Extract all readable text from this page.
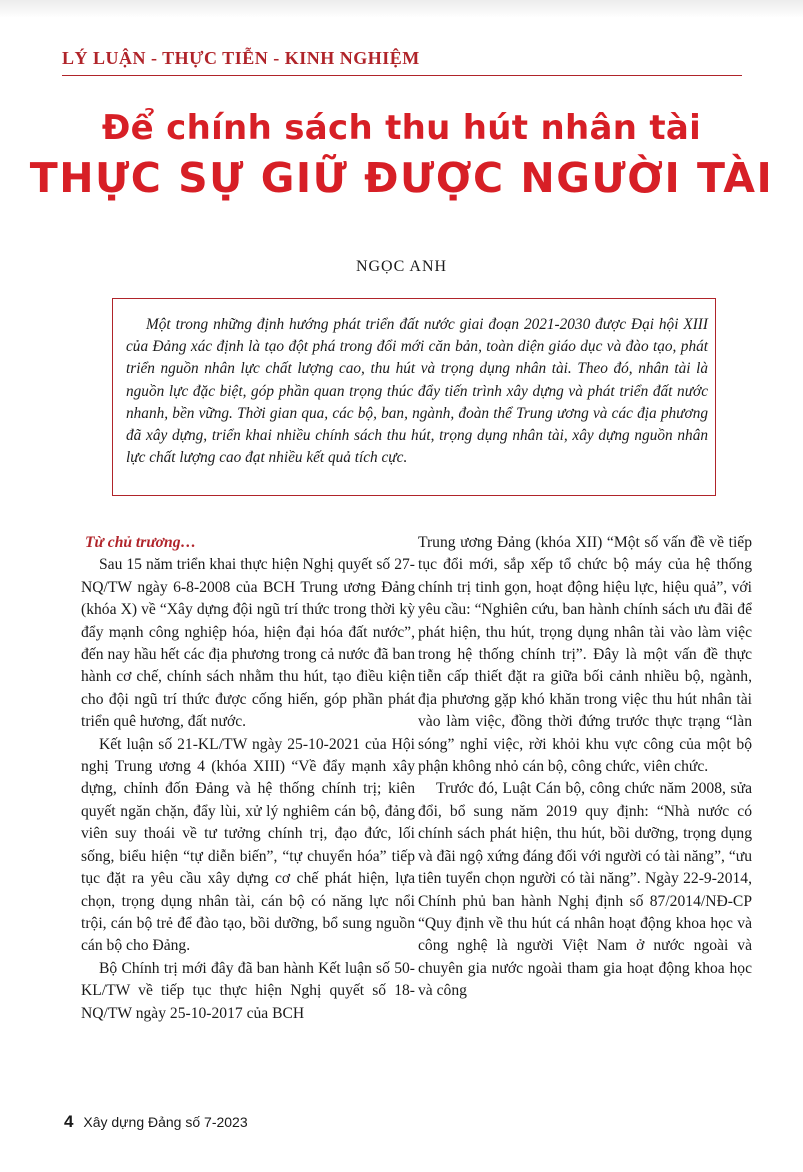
LÝ LUẬN - THỰC TIỄN - KINH NGHIỆM
Để chính sách thu hút nhân tài
THỰC SỰ GIỮ ĐƯỢC NGƯỜI TÀI
NGỌC ANH

Một trong những định hướng phát triển đất nước giai đoạn 2021-2030 được Đại hội XIII của Đảng xác định là tạo đột phá trong đổi mới căn bản, toàn diện giáo dục và đào tạo, phát triển nguồn nhân lực chất lượng cao, thu hút và trọng dụng nhân tài. Theo đó, nhân tài là nguồn lực đặc biệt, góp phần quan trọng thúc đẩy tiến trình xây dựng và phát triển đất nước nhanh, bền vững. Thời gian qua, các bộ, ban, ngành, đoàn thể Trung ương và các địa phương đã xây dựng, triển khai nhiều chính sách thu hút, trọng dụng nhân tài, xây dựng nguồn nhân lực chất lượng cao đạt nhiều kết quả tích cực.

Từ chủ trương…

Sau 15 năm triển khai thực hiện Nghị quyết số 27-NQ/TW ngày 6-8-2008 của BCH Trung ương Đảng (khóa X) về “Xây dựng đội ngũ trí thức trong thời kỳ đẩy mạnh công nghiệp hóa, hiện đại hóa đất nước”, đến nay hầu hết các địa phương trong cả nước đã ban hành cơ chế, chính sách nhằm thu hút, tạo điều kiện cho đội ngũ trí thức được cống hiến, góp phần phát triển quê hương, đất nước.

Kết luận số 21-KL/TW ngày 25-10-2021 của Hội nghị Trung ương 4 (khóa XIII) “Về đẩy mạnh xây dựng, chỉnh đốn Đảng và hệ thống chính trị; kiên quyết ngăn chặn, đẩy lùi, xử lý nghiêm cán bộ, đảng viên suy thoái về tư tưởng chính trị, đạo đức, lối sống, biểu hiện “tự diễn biến”, “tự chuyển hóa” tiếp tục đặt ra yêu cầu xây dựng cơ chế phát hiện, lựa chọn, trọng dụng nhân tài, cán bộ có năng lực nổi trội, cán bộ trẻ để đào tạo, bồi dưỡng, bổ sung nguồn cán bộ cho Đảng.

Bộ Chính trị mới đây đã ban hành Kết luận số 50-KL/TW về tiếp tục thực hiện Nghị quyết số 18-NQ/TW ngày 25-10-2017 của BCH

Trung ương Đảng (khóa XII) “Một số vấn đề về tiếp tục đổi mới, sắp xếp tổ chức bộ máy của hệ thống chính trị tinh gọn, hoạt động hiệu lực, hiệu quả”, với yêu cầu: “Nghiên cứu, ban hành chính sách ưu đãi để phát hiện, thu hút, trọng dụng nhân tài vào làm việc trong hệ thống chính trị”. Đây là một vấn đề thực tiễn cấp thiết đặt ra giữa bối cảnh nhiều bộ, ngành, địa phương gặp khó khăn trong việc thu hút nhân tài vào làm việc, đồng thời đứng trước thực trạng “làn sóng” nghỉ việc, rời khỏi khu vực công của một bộ phận không nhỏ cán bộ, công chức, viên chức.

Trước đó, Luật Cán bộ, công chức năm 2008, sửa đổi, bổ sung năm 2019 quy định: “Nhà nước có chính sách phát hiện, thu hút, bồi dưỡng, trọng dụng và đãi ngộ xứng đáng đối với người có tài năng”, “ưu tiên tuyển chọn người có tài năng”. Ngày 22-9-2014, Chính phủ ban hành Nghị định số 87/2014/NĐ-CP “Quy định về thu hút cá nhân hoạt động khoa học và công nghệ là người Việt Nam ở nước ngoài và chuyên gia nước ngoài tham gia hoạt động khoa học và công

4 Xây dựng Đảng số 7-2023
